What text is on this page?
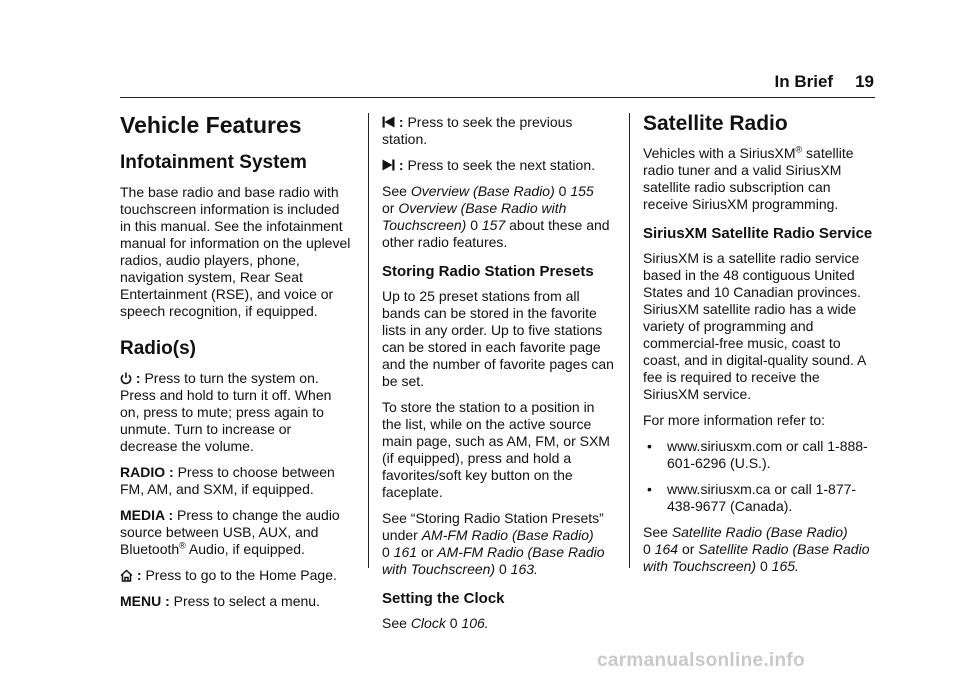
In Brief 19
Vehicle Features
Infotainment System

The base radio and base radio with touchscreen information is included in this manual. See the infotainment manual for information on the uplevel radios, audio players, phone, navigation system, Rear Seat Entertainment (RSE), and voice or speech recognition, if equipped.

Radio(s)

: Press to turn the system on. Press and hold to turn it off. When on, press to mute; press again to unmute. Turn to increase or decrease the volume.

RADIO : Press to choose between FM, AM, and SXM, if equipped.

MEDIA : Press to change the audio source between USB, AUX, and Bluetooth® Audio, if equipped.

: Press to go to the Home Page.

MENU : Press to select a menu.

: Press to seek the previous station.

: Press to seek the next station.

See Overview (Base Radio) 0 155
or Overview (Base Radio with Touchscreen) 0 157 about these and other radio features.

Storing Radio Station Presets

Up to 25 preset stations from all bands can be stored in the favorite lists in any order. Up to five stations can be stored in each favorite page and the number of favorite pages can be set.

To store the station to a position in the list, while on the active source main page, such as AM, FM, or SXM (if equipped), press and hold a favorites/soft key button on the faceplate.

See “Storing Radio Station Presets” under AM-FM Radio (Base Radio)
0 161 or AM-FM Radio (Base Radio with Touchscreen) 0 163.

Setting the Clock

See Clock 0 106.

Satellite Radio

Vehicles with a SiriusXM® satellite radio tuner and a valid SiriusXM satellite radio subscription can receive SiriusXM programming.

SiriusXM Satellite Radio Service

SiriusXM is a satellite radio service based in the 48 contiguous United States and 10 Canadian provinces. SiriusXM satellite radio has a wide variety of programming and commercial-free music, coast to coast, and in digital-quality sound. A fee is required to receive the SiriusXM service.

For more information refer to:

•	www.siriusxm.com or call 1-888-601-6296 (U.S.).
•	www.siriusxm.ca or call 1-877-438-9677 (Canada).

See Satellite Radio (Base Radio)
0 164 or Satellite Radio (Base Radio with Touchscreen) 0 165.

carmanualsonline.info
